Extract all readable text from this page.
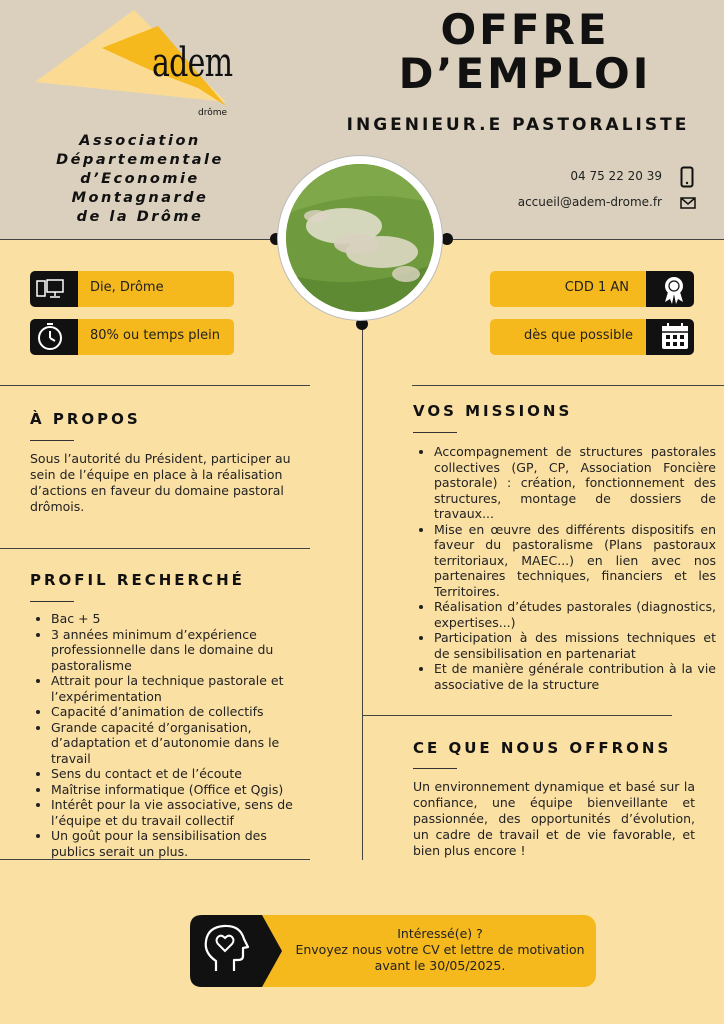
adem
drôme
Association
Départementale
d’Economie
Montagnarde
de la Drôme
OFFRE
D’EMPLOI
INGENIEUR.E PASTORALISTE
04 75 22 20 39
accueil@adem-drome.fr
Die, Drôme
80% ou temps plein
CDD 1 AN
dès que possible
À PROPOS

Sous l’autorité du Président, participer au sein de l’équipe en place à la réalisation d’actions en faveur du domaine pastoral drômois.

PROFIL RECHERCHÉ
• Bac + 5
• 3 années minimum d’expérience professionnelle dans le domaine du pastoralisme
• Attrait pour la technique pastorale et l’expérimentation
• Capacité d’animation de collectifs
• Grande capacité d’organisation, d’adaptation et d’autonomie dans le travail
• Sens du contact et de l’écoute
• Maîtrise informatique (Office et Qgis)
• Intérêt pour la vie associative, sens de l’équipe et du travail collectif
• Un goût pour la sensibilisation des publics serait un plus.
VOS MISSIONS
• Accompagnement de structures pastorales collectives (GP, CP, Association Foncière pastorale) : création, fonctionnement des structures, montage de dossiers de travaux...
• Mise en œuvre des différents dispositifs en faveur du pastoralisme (Plans pastoraux territoriaux, MAEC...) en lien avec nos partenaires techniques, financiers et les Territoires.
• Réalisation d’études pastorales (diagnostics, expertises...)
• Participation à des missions techniques et de sensibilisation en partenariat
• Et de manière générale contribution à la vie associative de la structure
CE QUE NOUS OFFRONS

Un environnement dynamique et basé sur la confiance, une équipe bienveillante et passionnée, des opportunités d’évolution, un cadre de travail et de vie favorable, et bien plus encore !

Intéressé(e) ?
Envoyez nous votre CV et lettre de motivation
avant le 30/05/2025.
